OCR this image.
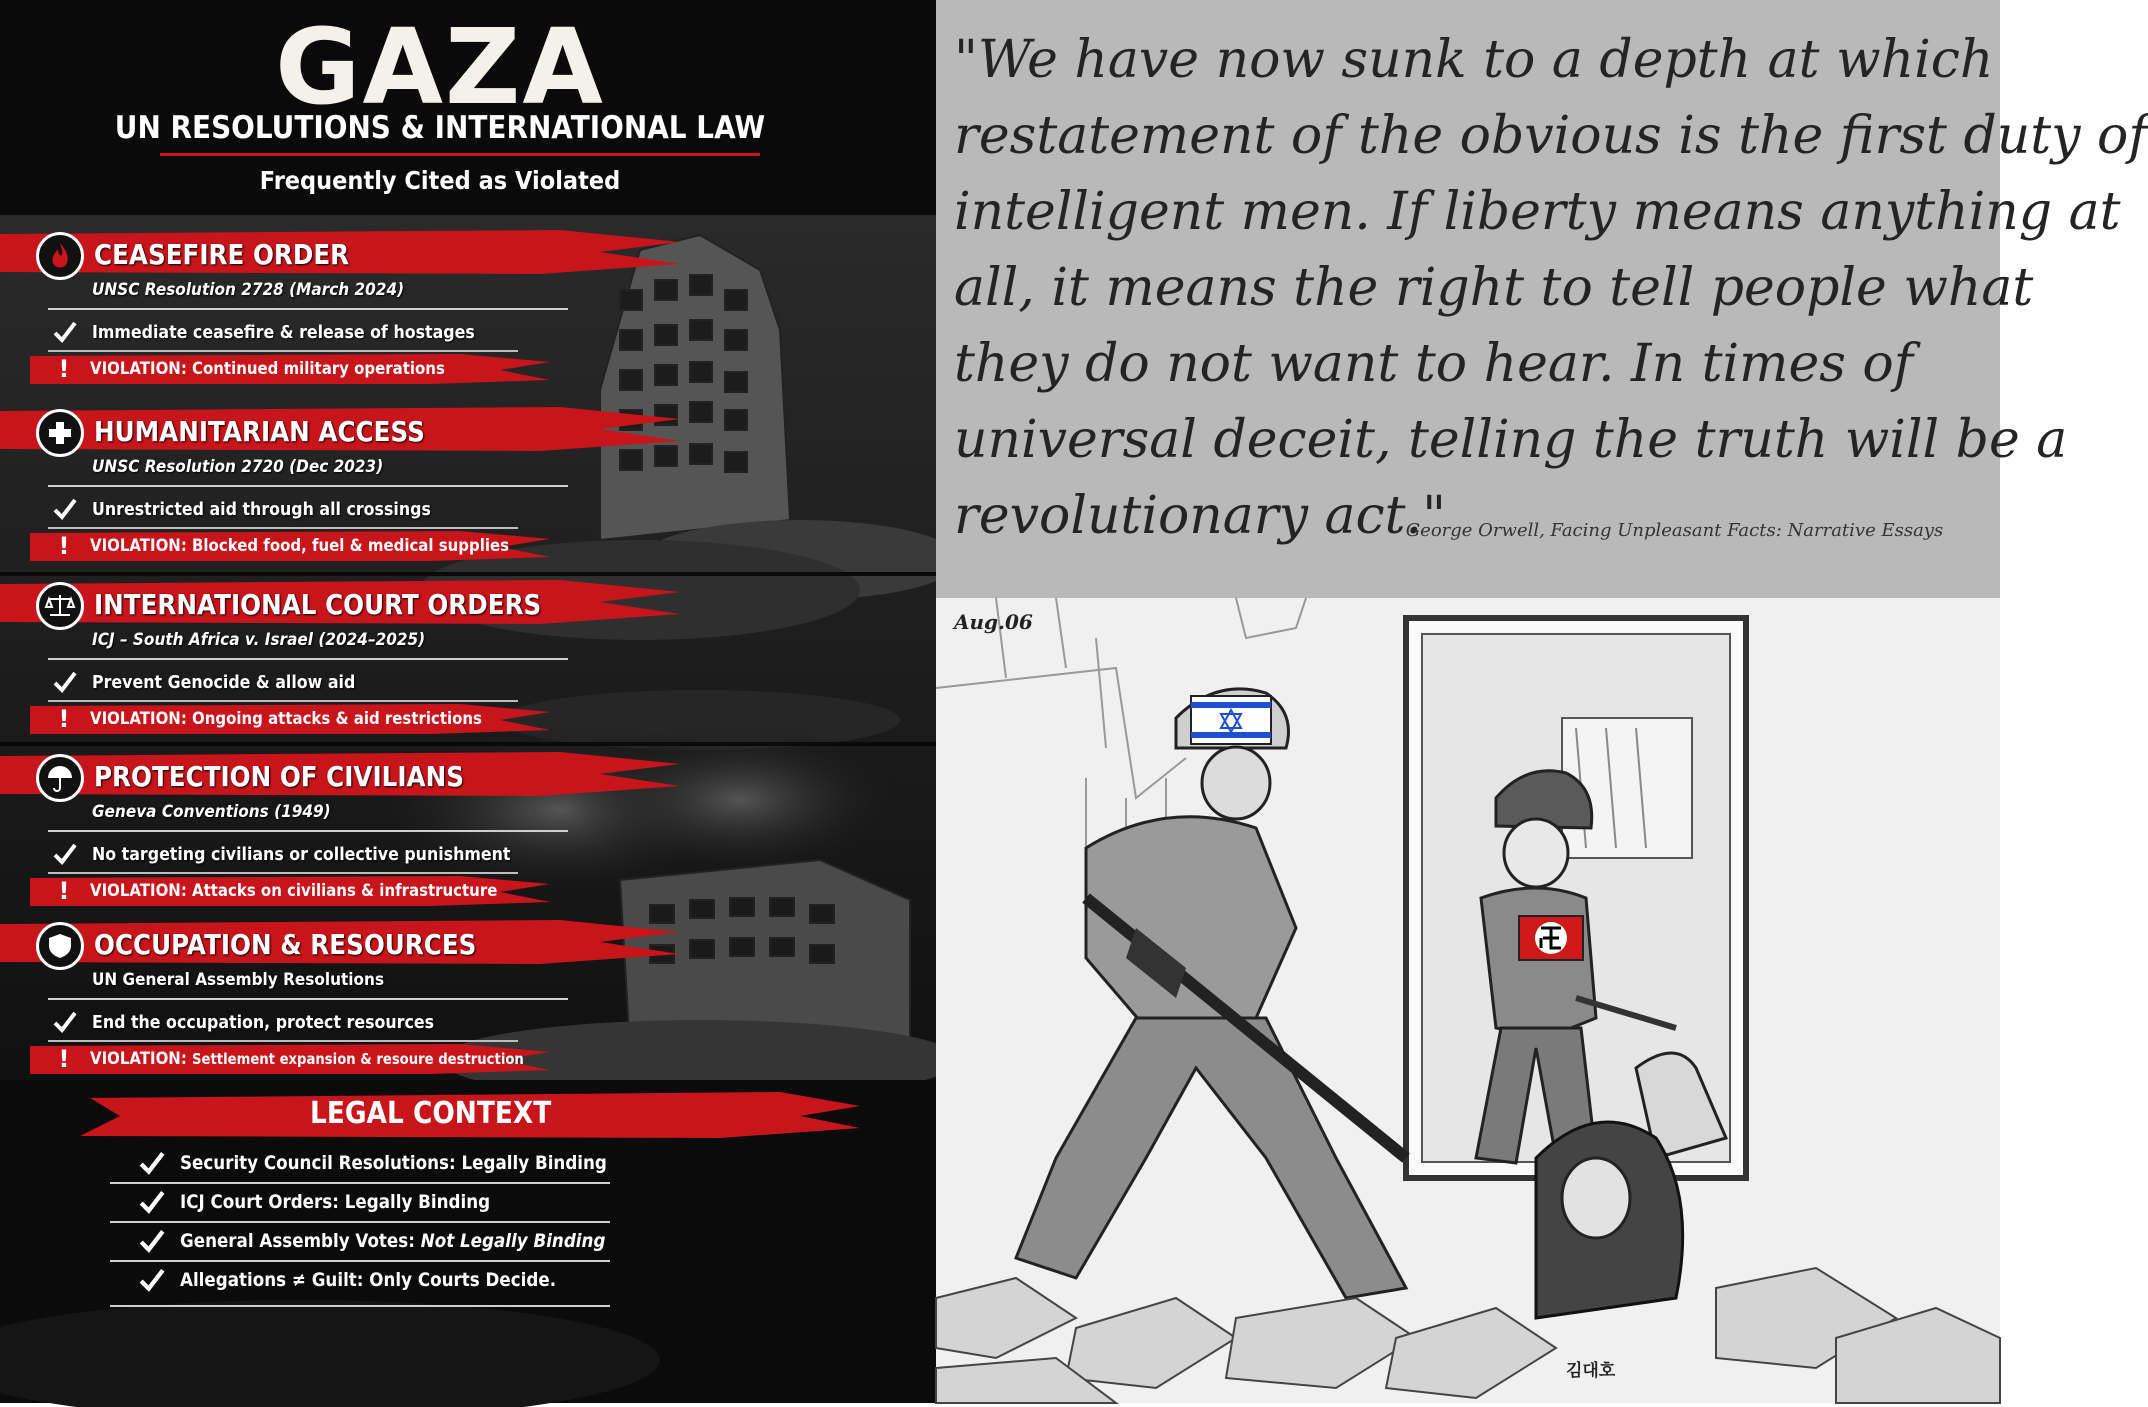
GAZA
UN RESOLUTIONS & INTERNATIONAL LAW
Frequently Cited as Violated
CEASEFIRE ORDER
UNSC Resolution 2728 (March 2024)
Immediate ceasefire & release of hostages
! VIOLATION: Continued military operations
HUMANITARIAN ACCESS
UNSC Resolution 2720 (Dec 2023)
Unrestricted aid through all crossings
! VIOLATION: Blocked food, fuel & medical supplies
INTERNATIONAL COURT ORDERS
ICJ – South Africa v. Israel (2024–2025)
Prevent Genocide & allow aid
! VIOLATION: Ongoing attacks & aid restrictions
PROTECTION OF CIVILIANS
Geneva Conventions (1949)
No targeting civilians or collective punishment
! VIOLATION: Attacks on civilians & infrastructure
OCCUPATION & RESOURCES
UN General Assembly Resolutions
End the occupation, protect resources
! VIOLATION: Settlement expansion & resoure destruction
LEGAL CONTEXT
Security Council Resolutions: Legally Binding
ICJ Court Orders: Legally Binding
General Assembly Votes: Not Legally Binding
Allegations ≠ Guilt: Only Courts Decide.
"We have now sunk to a depth at which
restatement of the obvious is the first duty of
intelligent men. If liberty means anything at
all, it means the right to tell people what
they do not want to hear. In times of
universal deceit, telling the truth will be a
revolutionary act."
- George Orwell, Facing Unpleasant Facts: Narrative Essays
Aug.06
김대호
